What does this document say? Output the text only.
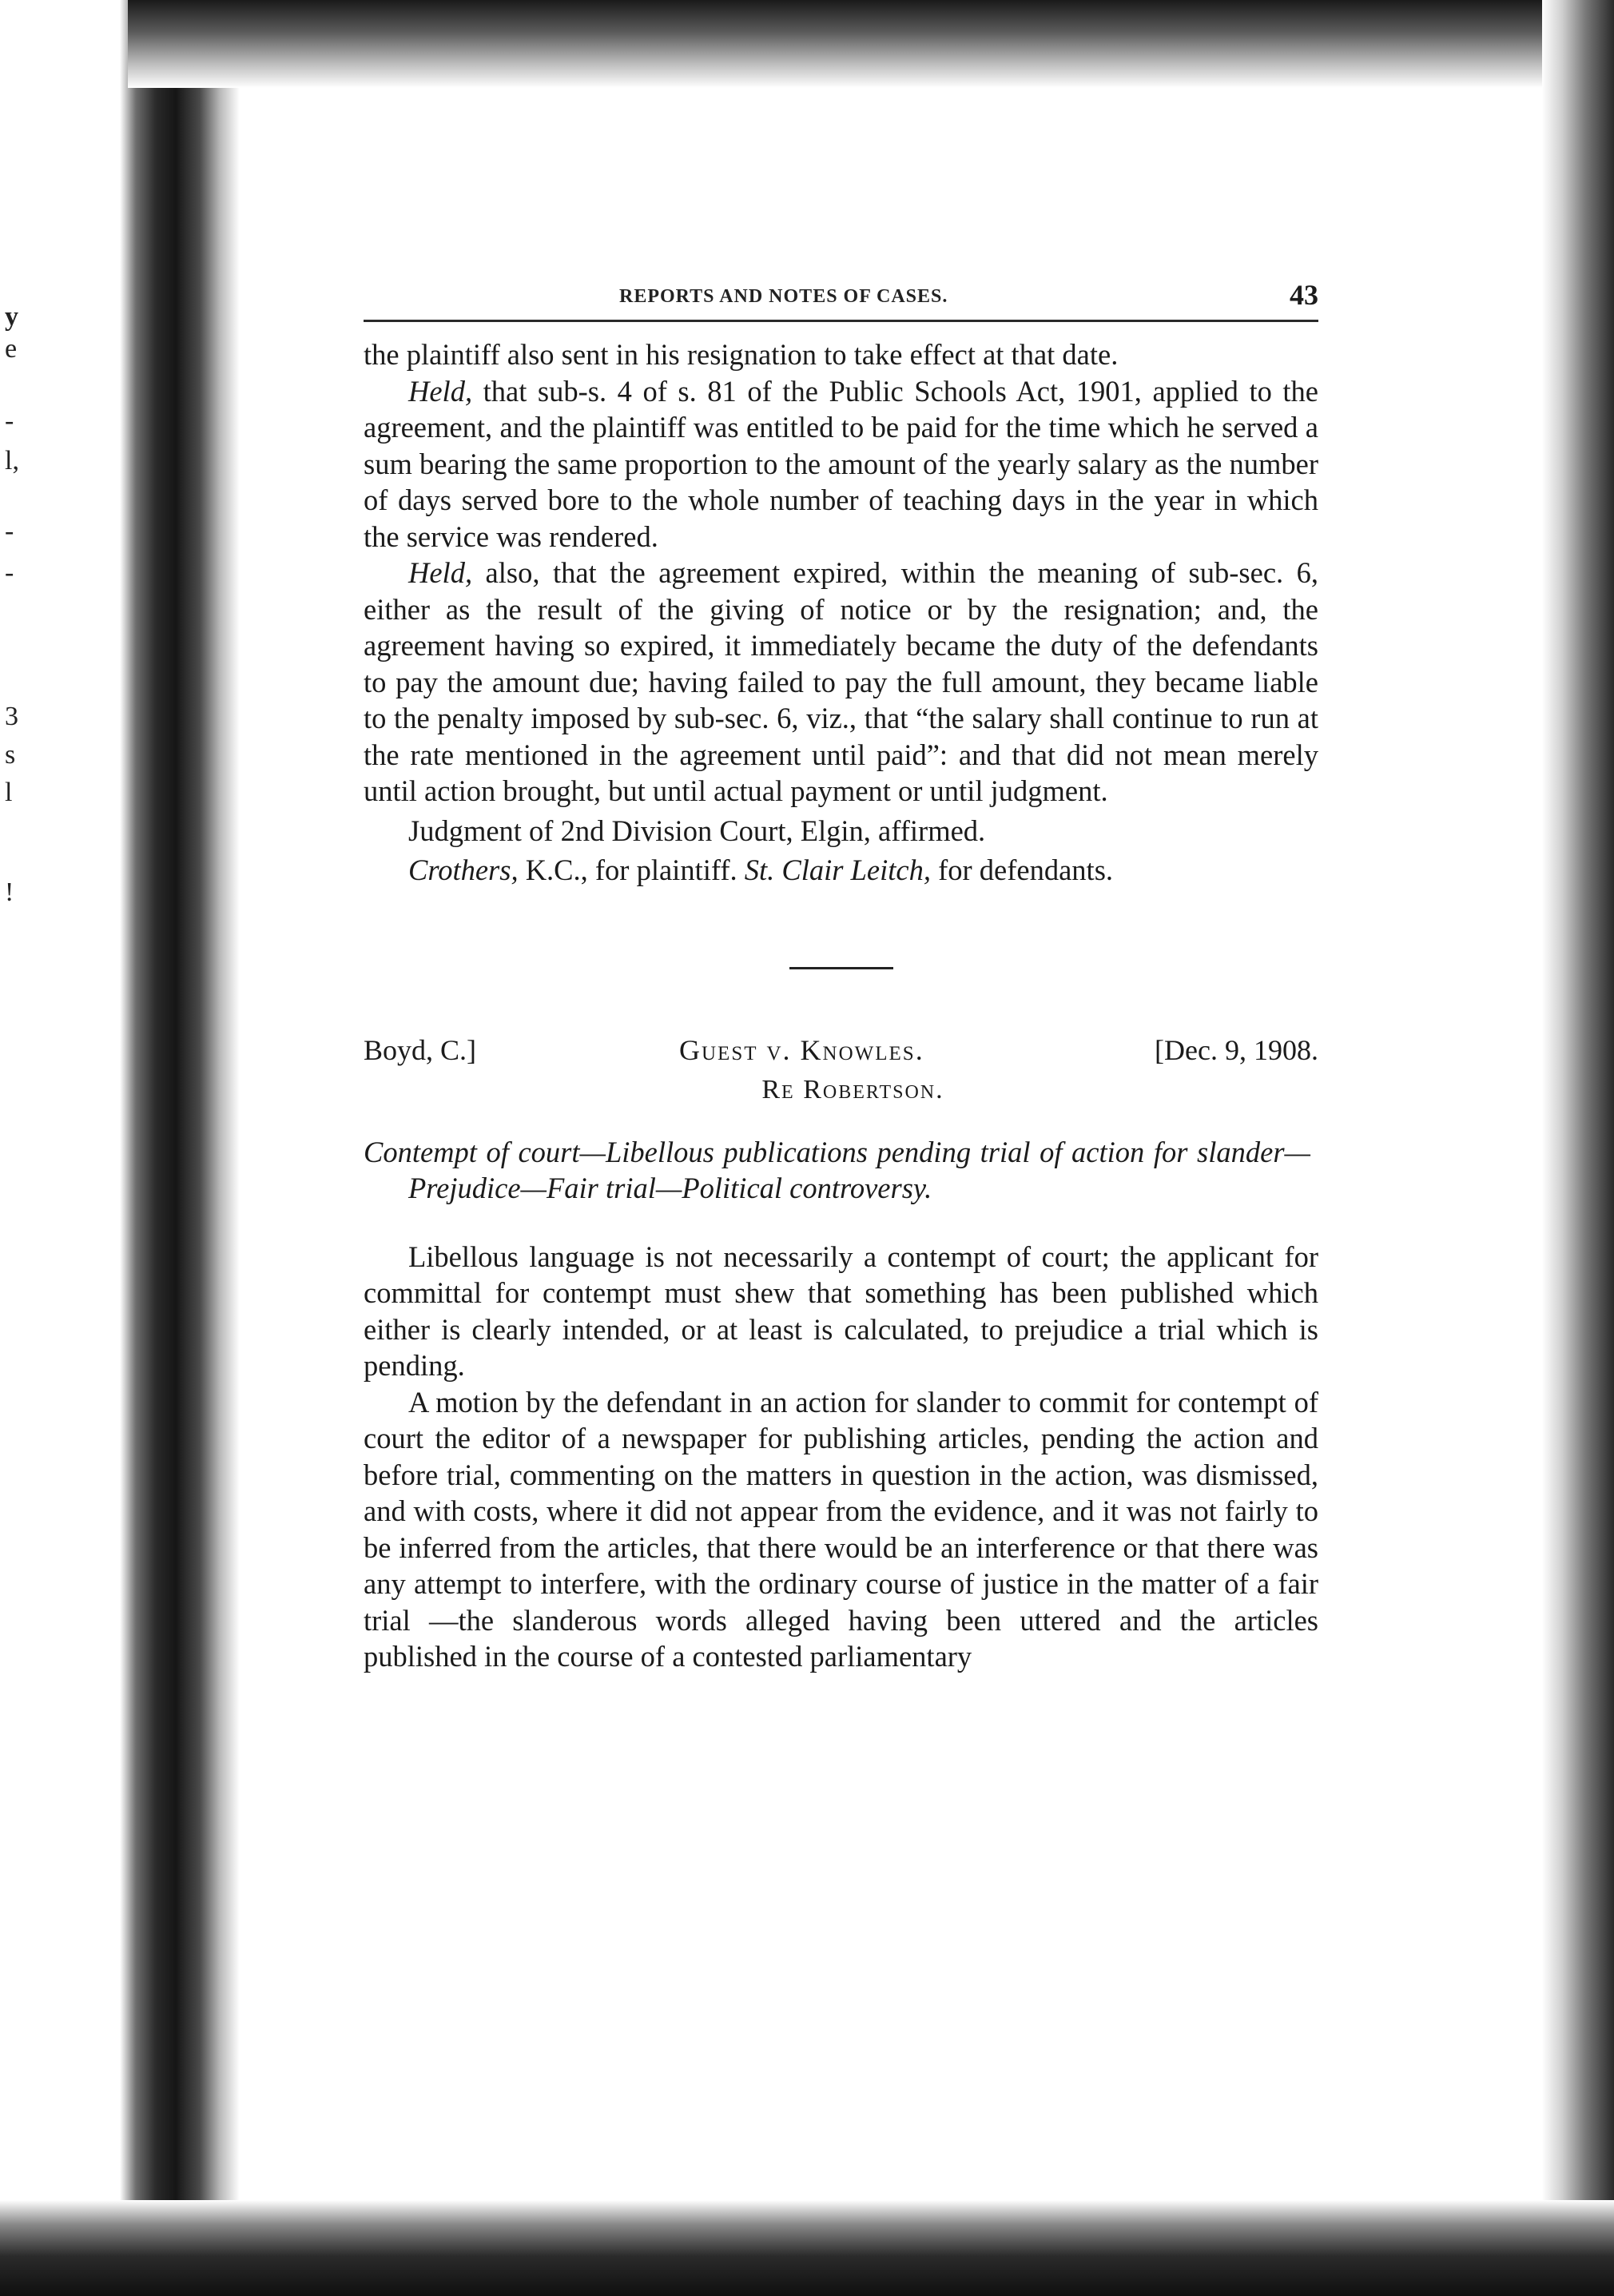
y
e
-
l,
-
-
3
s
l
!
REPORTS AND NOTES OF CASES.	43

the plaintiff also sent in his resignation to take effect at that date.

Held, that sub-s. 4 of s. 81 of the Public Schools Act, 1901, applied to the agreement, and the plaintiff was entitled to be paid for the time which he served a sum bearing the same proportion to the amount of the yearly salary as the number of days served bore to the whole number of teaching days in the year in which the service was rendered.

Held, also, that the agreement expired, within the meaning of sub-sec. 6, either as the result of the giving of notice or by the resignation; and, the agreement having so expired, it immediately became the duty of the defendants to pay the amount due; having failed to pay the full amount, they became liable to the penalty imposed by sub-sec. 6, viz., that “the salary shall continue to run at the rate mentioned in the agreement until paid”: and that did not mean merely until action brought, but until actual payment or until judgment.

Judgment of 2nd Division Court, Elgin, affirmed.

Crothers, K.C., for plaintiff. St. Clair Leitch, for defendants.

Boyd, C.]	Guest v. Knowles.	[Dec. 9, 1908.
Re Robertson.

Contempt of court—Libellous publications pending trial of action for slander—Prejudice—Fair trial—Political controversy.

Libellous language is not necessarily a contempt of court; the applicant for committal for contempt must shew that something has been published which either is clearly intended, or at least is calculated, to prejudice a trial which is pending.

A motion by the defendant in an action for slander to commit for contempt of court the editor of a newspaper for publishing articles, pending the action and before trial, commenting on the matters in question in the action, was dismissed, and with costs, where it did not appear from the evidence, and it was not fairly to be inferred from the articles, that there would be an interference or that there was any attempt to interfere, with the ordinary course of justice in the matter of a fair trial —the slanderous words alleged having been uttered and the articles published in the course of a contested parliamentary
